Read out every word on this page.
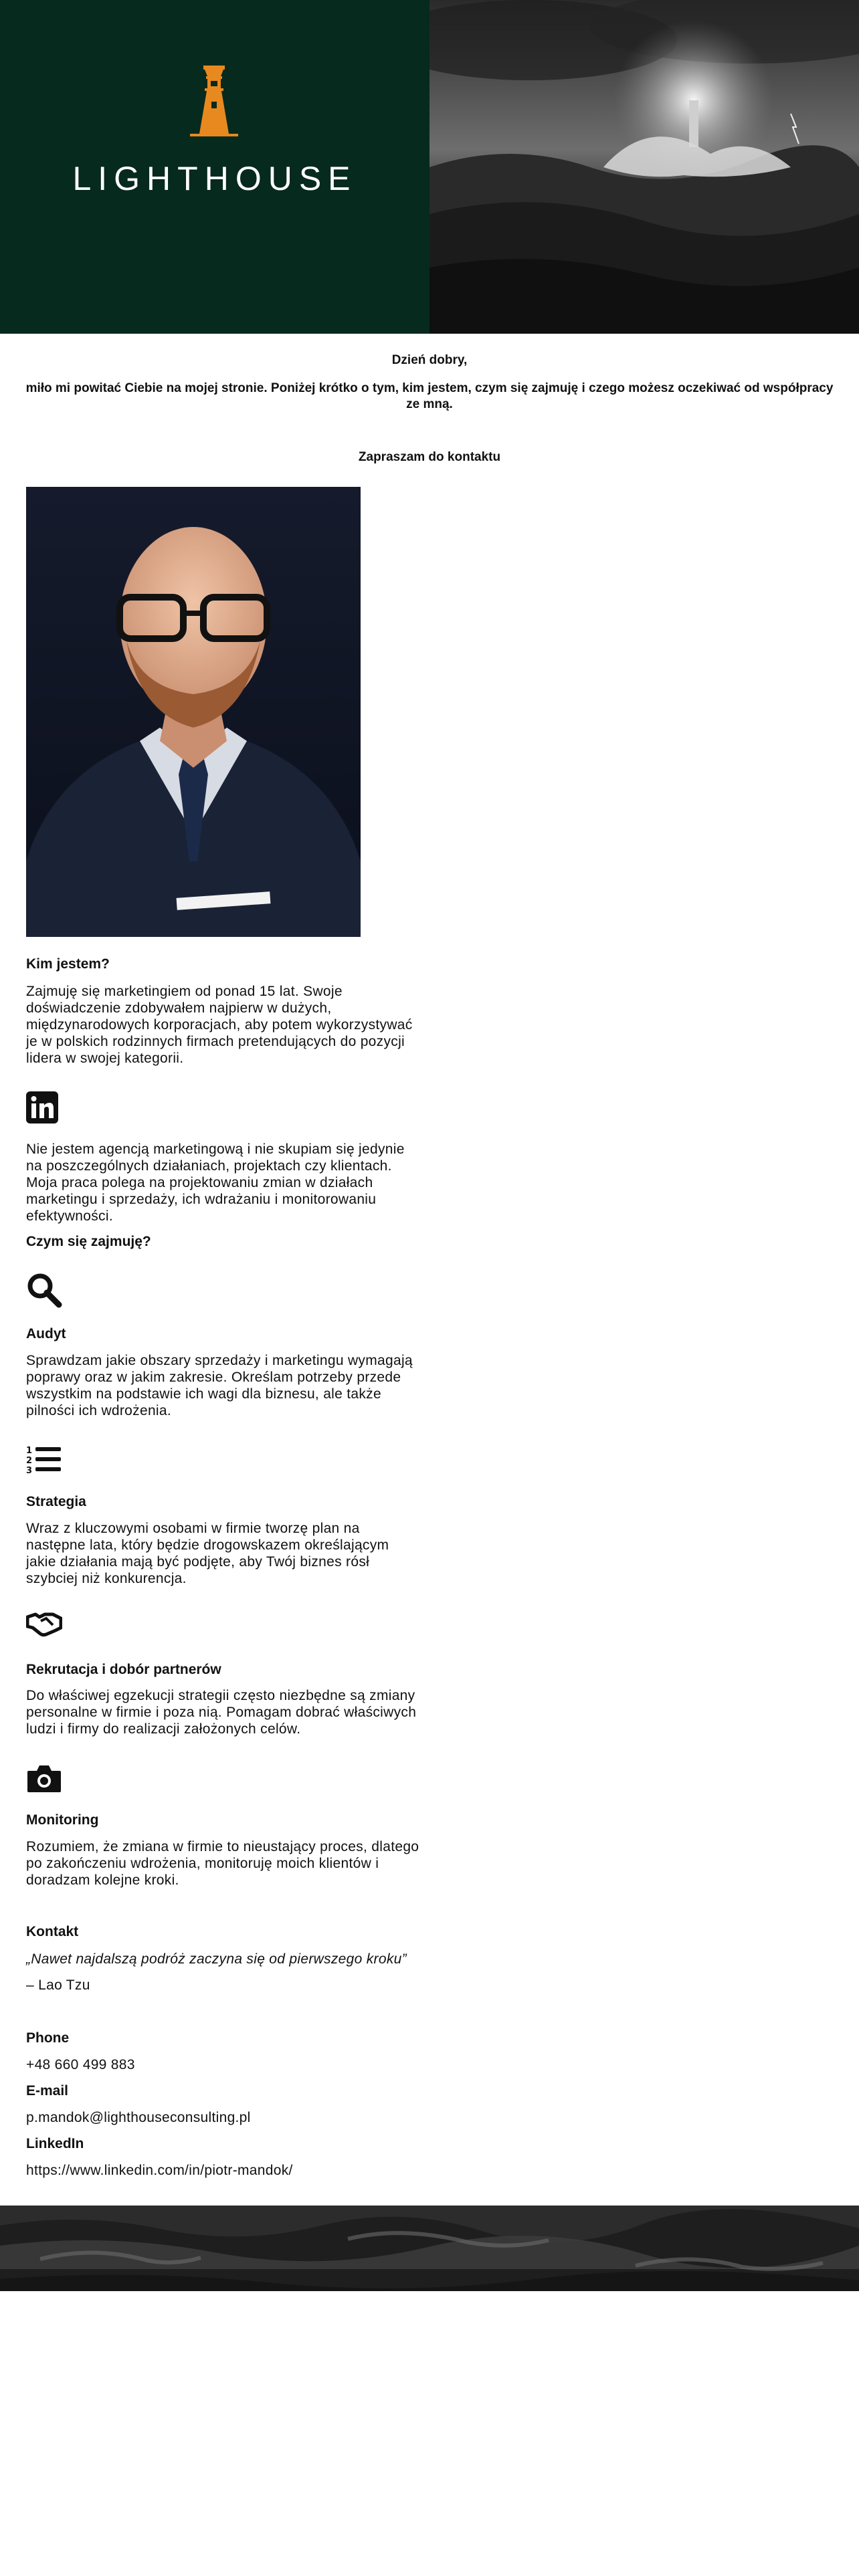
LIGHTHOUSE
Dzień dobry,
miło mi powitać Ciebie na mojej stronie. Poniżej krótko o tym, kim jestem, czym się zajmuję i czego możesz oczekiwać od współpracy
ze mną.
Zapraszam do kontaktu
Kim jestem?

Zajmuję się marketingiem od ponad 15 lat. Swoje

doświadczenie zdobywałem najpierw w dużych,

międzynarodowych korporacjach, aby potem wykorzystywać

je w polskich rodzinnych firmach pretendujących do pozycji

lidera w swojej kategorii.

Nie jestem agencją marketingową i nie skupiam się jedynie

na poszczególnych działaniach, projektach czy klientach.

Moja praca polega na projektowaniu zmian w działach

marketingu i sprzedaży, ich wdrażaniu i monitorowaniu

efektywności.

Czym się zajmuję?
Audyt

Sprawdzam jakie obszary sprzedaży i marketingu wymagają

poprawy oraz w jakim zakresie. Określam potrzeby przede

wszystkim na podstawie ich wagi dla biznesu, ale także

pilności ich wdrożenia.

1
2
3
Strategia

Wraz z kluczowymi osobami w firmie tworzę plan na

następne lata, który będzie drogowskazem określającym

jakie działania mają być podjęte, aby Twój biznes rósł

szybciej niż konkurencja.

Rekrutacja i dobór partnerów

Do właściwej egzekucji strategii często niezbędne są zmiany

personalne w firmie i poza nią. Pomagam dobrać właściwych

ludzi i firmy do realizacji założonych celów.

Monitoring

Rozumiem, że zmiana w firmie to nieustający proces, dlatego

po zakończeniu wdrożenia, monitoruję moich klientów i

doradzam kolejne kroki.

Kontakt

„Nawet najdalszą podróż zaczyna się od pierwszego kroku”

– Lao Tzu

Phone

+48 660 499 883

E-mail

p.mandok@lighthouseconsulting.pl

LinkedIn

https://www.linkedin.com/in/piotr-mandok/
